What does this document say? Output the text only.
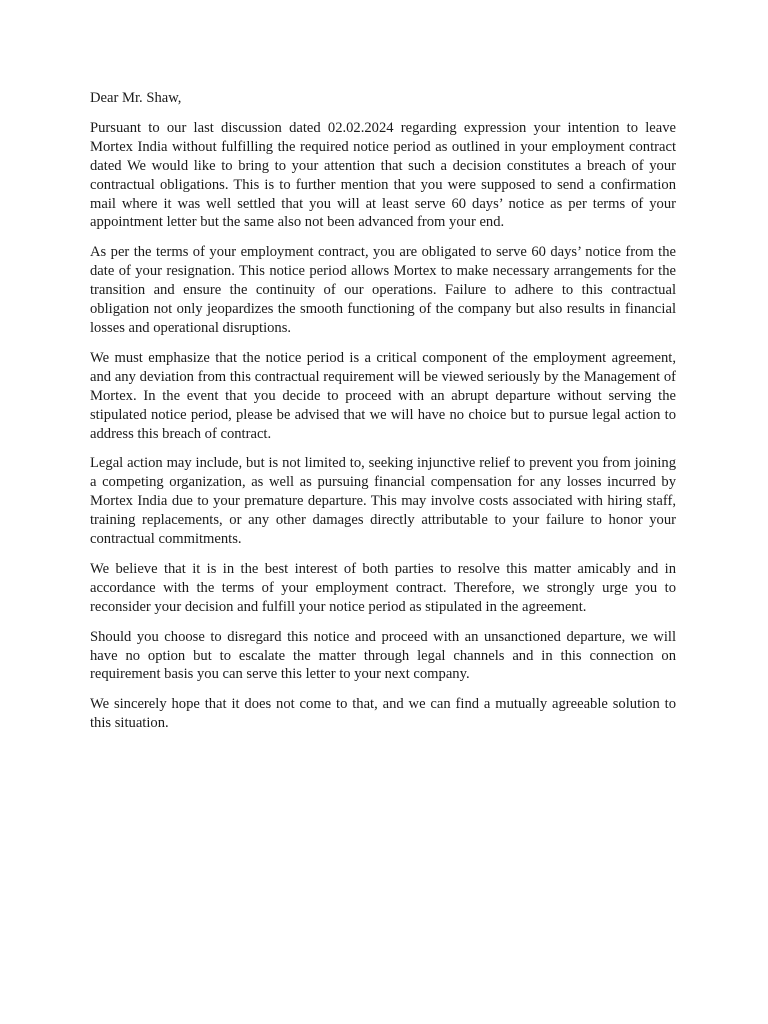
Dear Mr. Shaw,

Pursuant to our last discussion dated 02.02.2024 regarding expression your intention to leave Mortex India without fulfilling the required notice period as outlined in your employment contract dated We would like to bring to your attention that such a decision constitutes a breach of your contractual obligations. This is to further mention that you were supposed to send a confirmation mail where it was well settled that you will at least serve 60 days’ notice as per terms of your appointment letter but the same also not been advanced from your end.

As per the terms of your employment contract, you are obligated to serve 60 days’ notice from the date of your resignation. This notice period allows Mortex to make necessary arrangements for the transition and ensure the continuity of our operations. Failure to adhere to this contractual obligation not only jeopardizes the smooth functioning of the company but also results in financial losses and operational disruptions.

We must emphasize that the notice period is a critical component of the employment agreement, and any deviation from this contractual requirement will be viewed seriously by the Management of Mortex. In the event that you decide to proceed with an abrupt departure without serving the stipulated notice period, please be advised that we will have no choice but to pursue legal action to address this breach of contract.

Legal action may include, but is not limited to, seeking injunctive relief to prevent you from joining a competing organization, as well as pursuing financial compensation for any losses incurred by Mortex India due to your premature departure. This may involve costs associated with hiring staff, training replacements, or any other damages directly attributable to your failure to honor your contractual commitments.

We believe that it is in the best interest of both parties to resolve this matter amicably and in accordance with the terms of your employment contract. Therefore, we strongly urge you to reconsider your decision and fulfill your notice period as stipulated in the agreement.

Should you choose to disregard this notice and proceed with an unsanctioned departure, we will have no option but to escalate the matter through legal channels and in this connection on requirement basis you can serve this letter to your next company.

We sincerely hope that it does not come to that, and we can find a mutually agreeable solution to this situation.
